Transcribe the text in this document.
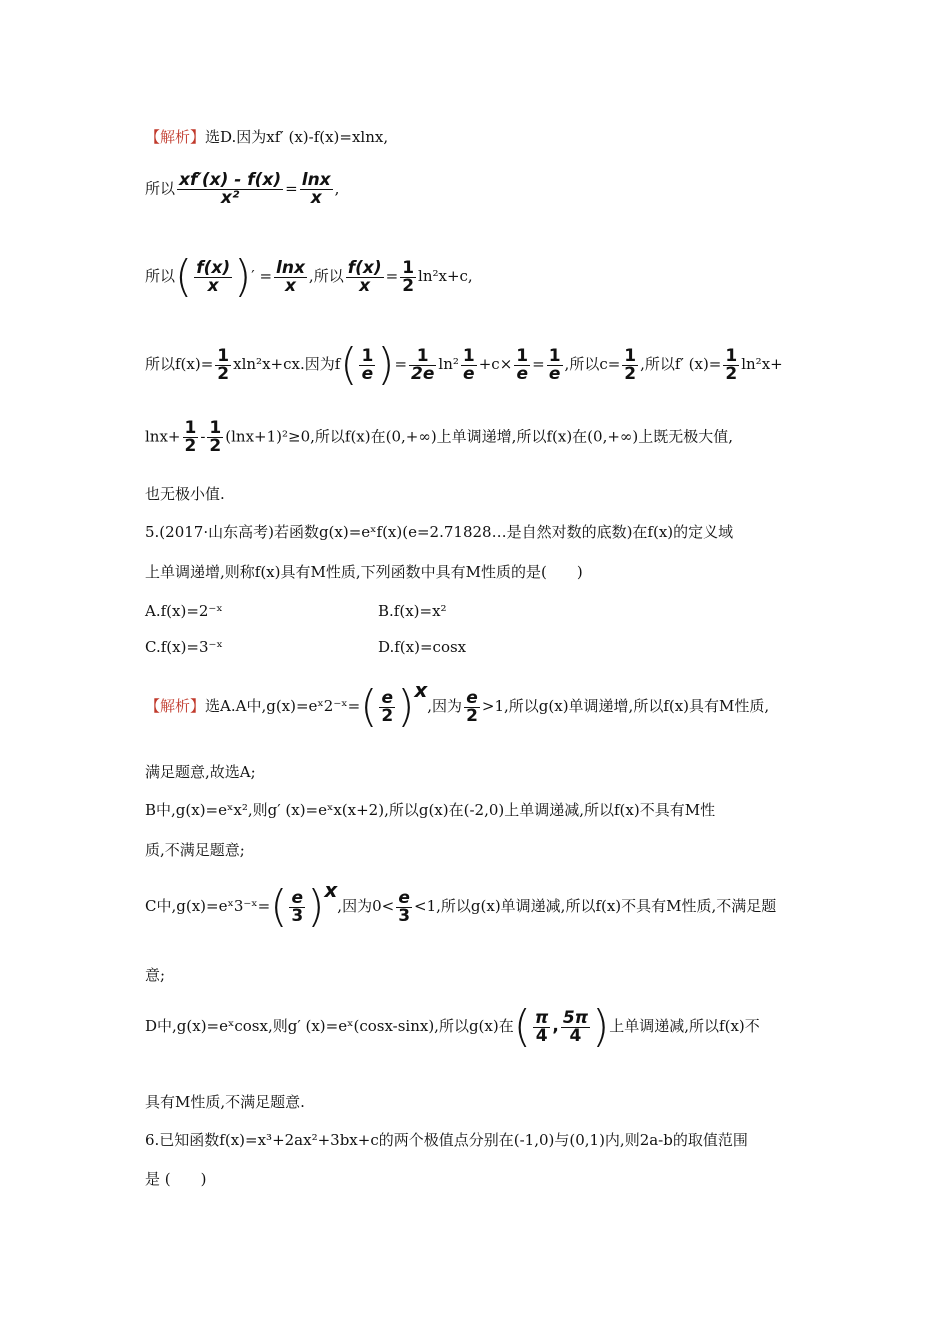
【解析】选D.因为xf′ (x)-f(x)=xlnx,
所以 $\frac{xf'(x) - f(x)}{\text{x²}} = \frac{\ln x}{x}$ ,
所以( $\frac{f(x)}{x}$ )′ = $\frac{\ln x}{x}$ ,所以 $\frac{f(x)}{x} = \frac{1}{2} \ln^2x+c$,
所以$f(x)= \frac{1}{2} xln^2x+cx$.因为$f( \frac{1}{e}$ )= $\frac{1}{2e} \ln^2 \frac{1}{e} +c\times \frac{1}{e} = \frac{1}{e}$ ,所以$c= \frac{1}{2}$ ,所以f′ $(x)= \frac{1}{2} \ln^2x+$
$\ln x+ \frac{1}{2} - \frac{1}{2} (\ln x+1)^2\ge 0$,所以f(x)在(0,+∞)上单调递增,所以f(x)在(0,+∞)上既无极大值,
也无极小值.
5.(2017·山东高考)若函数g(x)=eˣf(x)(e=2.71828…是自然对数的底数)在f(x)的定义域
上单调递增,则称f(x)具有M性质,下列函数中具有M性质的是(　　)
A.f(x)=2⁻ˣ	B.f(x)=x²
C.f(x)=3⁻ˣ	D.f(x)=cosx
【解析】选A.A中,g(x)=eˣ2⁻ˣ=( $\frac{e}{2} )x$,因为 $\frac{e}{2} >1$,所以g(x)单调递增,所以f(x)具有M性质,
满足题意,故选A;
B中,g(x)=eˣx²,则g′ (x)=eˣx(x+2),所以g(x)在(-2,0)上单调递减,所以f(x)不具有M性
质,不满足题意;
C中,g(x)=eˣ3⁻ˣ=( $\frac{e}{3} )x$,因为$0< \frac{e}{3} <1$,所以g(x)单调递减,所以f(x)不具有M性质,不满足题
意;
D中,g(x)=eˣcosx,则g′ (x)=eˣ(cosx-sinx),所以g(x)在( $\frac{\pi}{4}$ , $\frac{5\pi}{4}$ )上单调递减,所以f(x)不
具有M性质,不满足题意.
6.已知函数f(x)=x³+2ax²+3bx+c的两个极值点分别在(-1,0)与(0,1)内,则2a-b的取值范围
是 (　　)
